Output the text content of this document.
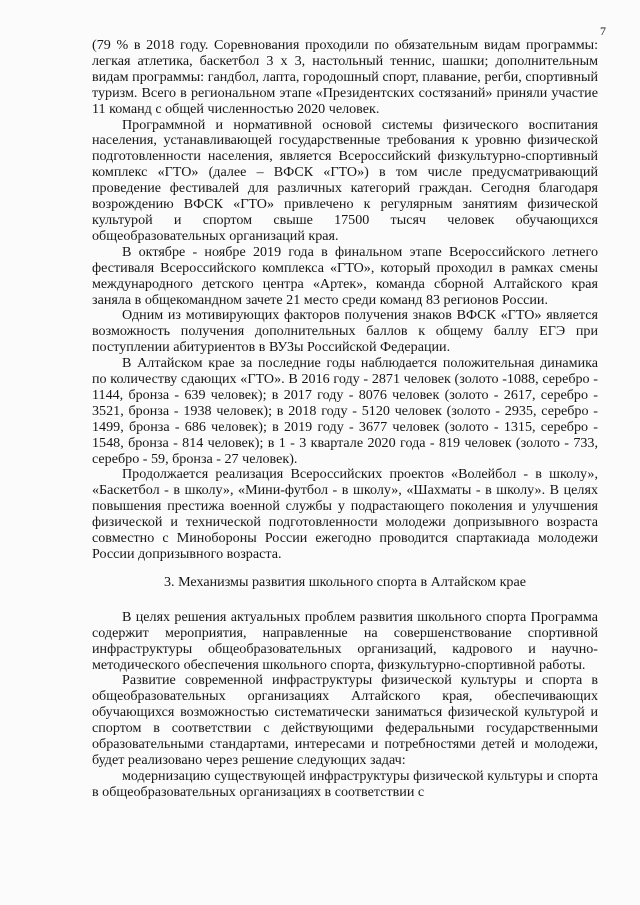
7

(79 % в 2018 году. Соревнования проходили по обязательным видам программы: легкая атлетика, баскетбол 3 х 3, настольный теннис, шашки; дополнительным видам программы: гандбол, лапта, городошный спорт, плавание, регби, спортивный туризм. Всего в региональном этапе «Президентских состязаний» приняли участие 11 команд с общей численностью 2020 человек.

Программной и нормативной основой системы физического воспитания населения, устанавливающей государственные требования к уровню физической подготовленности населения, является Всероссийский физкультурно-спортивный комплекс «ГТО» (далее – ВФСК «ГТО») в том числе предусматривающий проведение фестивалей для различных категорий граждан. Сегодня благодаря возрождению ВФСК «ГТО» привлечено к регулярным занятиям физической культурой и спортом свыше 17500 тысяч человек обучающихся общеобразовательных организаций края.

В октябре - ноябре 2019 года в финальном этапе Всероссийского летнего фестиваля Всероссийского комплекса «ГТО», который проходил в рамках смены международного детского центра «Артек», команда сборной Алтайского края заняла в общекомандном зачете 21 место среди команд 83 регионов России.

Одним из мотивирующих факторов получения знаков ВФСК «ГТО» является возможность получения дополнительных баллов к общему баллу ЕГЭ при поступлении абитуриентов в ВУЗы Российской Федерации.

В Алтайском крае за последние годы наблюдается положительная динамика по количеству сдающих «ГТО». В 2016 году - 2871 человек (золото -1088, серебро - 1144, бронза - 639 человек); в 2017 году - 8076 человек (золото - 2617, серебро - 3521, бронза - 1938 человек); в 2018 году - 5120 человек (золото - 2935, серебро - 1499, бронза - 686 человек); в 2019 году - 3677 человек (золото - 1315, серебро - 1548, бронза - 814 человек); в 1 - 3 квартале 2020 года - 819 человек (золото - 733, серебро - 59, бронза - 27 человек).

Продолжается реализация Всероссийских проектов «Волейбол - в школу», «Баскетбол - в школу», «Мини-футбол - в школу», «Шахматы - в школу». В целях повышения престижа военной службы у подрастающего поколения и улучшения физической и технической подготовленности молодежи допризывного возраста совместно с Минобороны России ежегодно проводится спартакиада молодежи России допризывного возраста.

3. Механизмы развития школьного спорта в Алтайском крае

В целях решения актуальных проблем развития школьного спорта Программа содержит мероприятия, направленные на совершенствование спортивной инфраструктуры общеобразовательных организаций, кадрового и научно-методического обеспечения школьного спорта, физкультурно-спортивной работы.

Развитие современной инфраструктуры физической культуры и спорта в общеобразовательных организациях Алтайского края, обеспечивающих обучающихся возможностью систематически заниматься физической культурой и спортом в соответствии с действующими федеральными государственными образовательными стандартами, интересами и потребностями детей и молодежи, будет реализовано через решение следующих задач:

модернизацию существующей инфраструктуры физической культуры и спорта в общеобразовательных организациях в соответствии с
